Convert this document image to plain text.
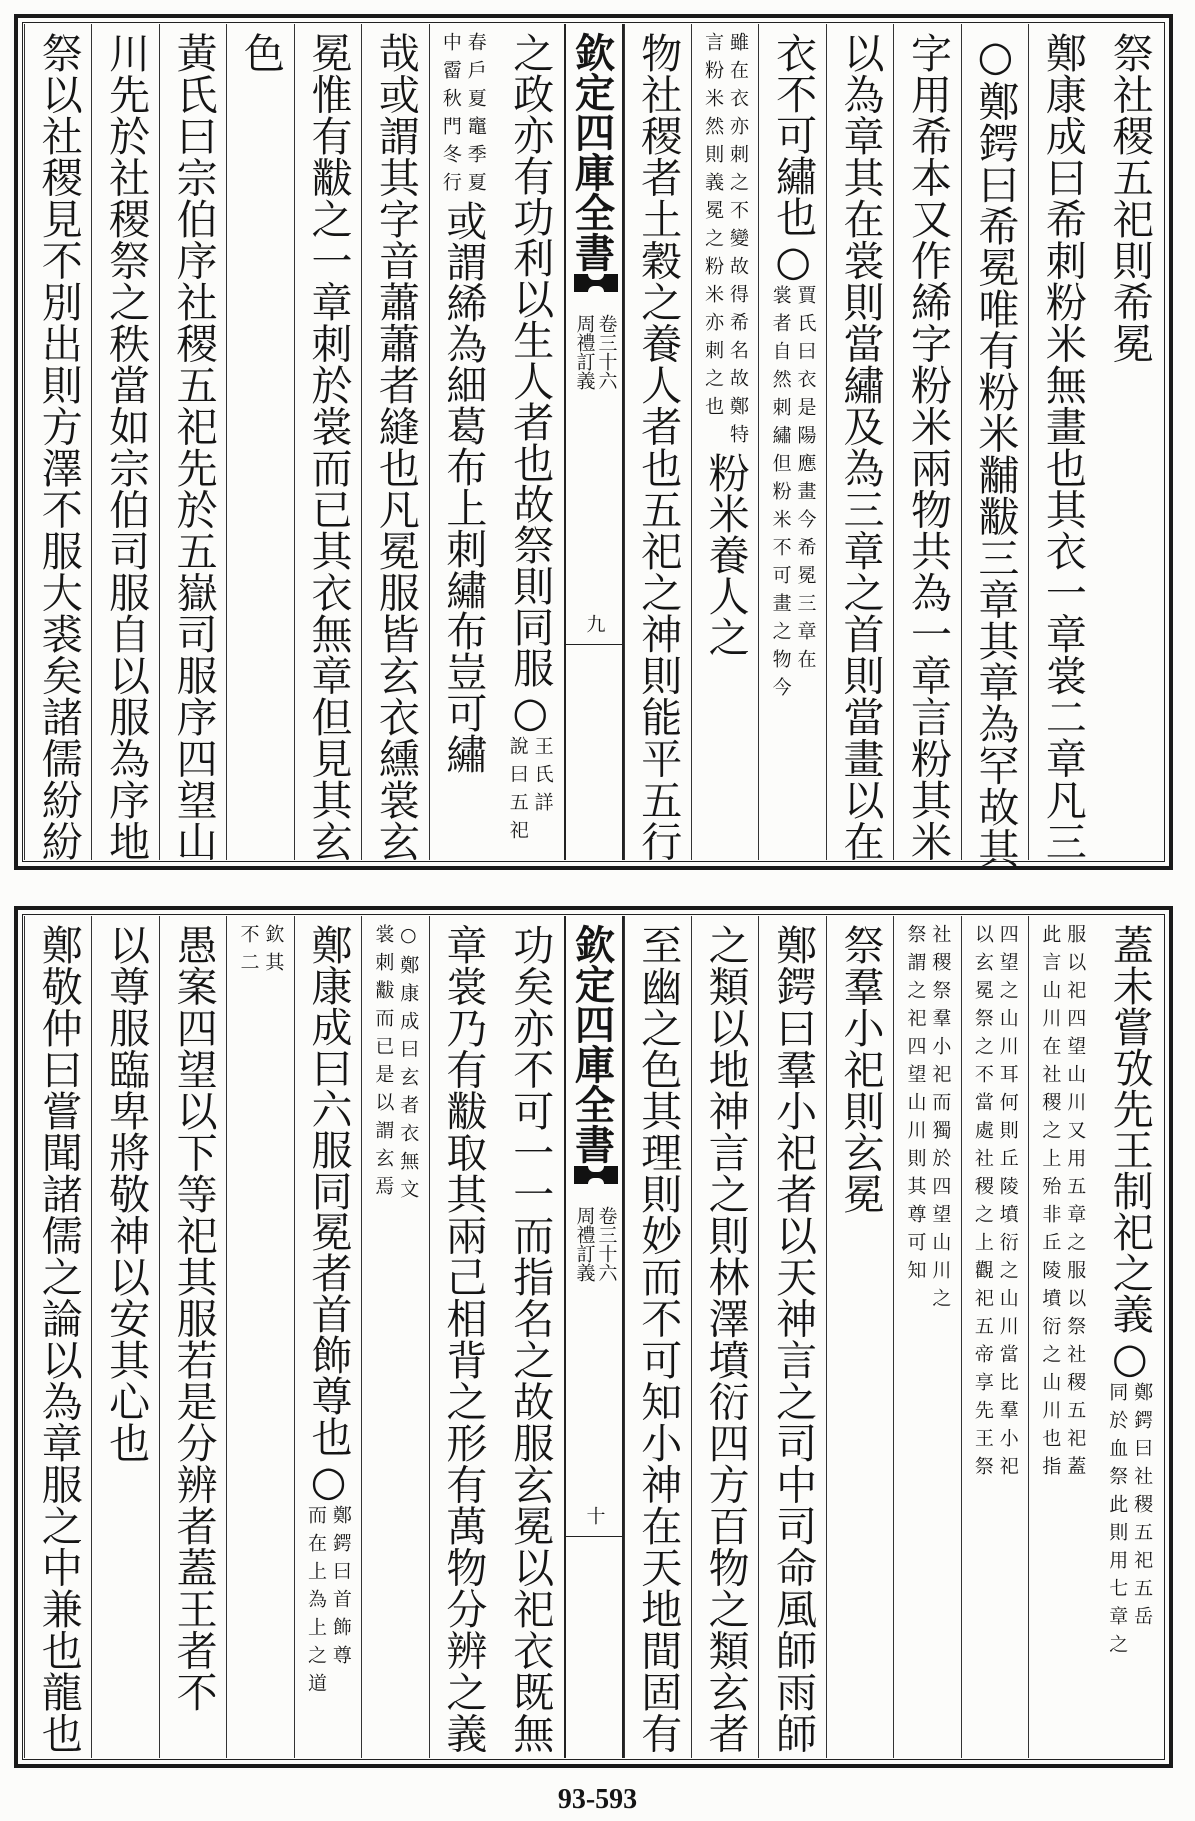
祭社稷五祀則希冕
鄭康成曰希刺粉米無畫也其衣一章裳二章凡三
○鄭鍔曰希冕唯有粉米黼黻三章其章為罕故其
字用希本又作絺字粉米兩物共為一章言粉其米
以為章其在裳則當繡及為三章之首則當畫以在
衣不可繡也○
賈氏曰衣是陽應畫今希冕三章在
裳者自然刺繡但粉米不可畫之物今
雖在衣亦刺之不變故得希名故鄭特
言粉米然則義冕之粉米亦刺之也
粉米養人之
物社稷者土穀之養人者也五祀之神則能平五行
欽定四庫全書
周禮訂義 卷三十六
九
之政亦有功利以生人者也故祭則同服○
王氏詳
說曰五祀
春戶夏竈季夏
中霤秋門冬行
或謂絺為細葛布上刺繡布豈可繡
哉或謂其字音蕭蕭者縫也凡冕服皆玄衣纁裳玄
冕惟有黻之一章刺於裳而已其衣無章但見其玄
色
黃氏曰宗伯序社稷五祀先於五嶽司服序四望山
川先於社稷祭之秩當如宗伯司服自以服為序地
祭以社稷見不別出則方澤不服大裘矣諸儒紛紛
蓋未嘗攷先王制祀之義○
鄭鍔曰社稷五祀五岳
同於血祭此則用七章之
服以祀四望山川又用五章之服以祭社稷五祀蓋
此言山川在社稷之上殆非丘陵墳衍之山川也指
四望之山川耳何則丘陵墳衍之山川當比羣小祀
以玄冕祭之不當處社稷之上觀祀五帝享先王祭
社稷祭羣小祀而獨於四望山川之
祭謂之祀四望山川則其尊可知
祭羣小祀則玄冕
鄭鍔曰羣小祀者以天神言之司中司命風師雨師
之類以地神言之則林澤墳衍四方百物之類玄者
至幽之色其理則妙而不可知小神在天地間固有
欽定四庫全書
周禮訂義 卷三十六
十
功矣亦不可一一而指名之故服玄冕以祀衣既無
章裳乃有黻取其兩己相背之形有萬物分辨之義
○鄭康成曰玄者衣無文
裳刺黻而已是以謂玄焉
鄭康成曰六服同冕者首飾尊也○
鄭鍔曰首飾尊
而在上為上之道
欽其
不二
愚案四望以下等祀其服若是分辨者蓋王者不
以尊服臨卑將敬神以安其心也
鄭敬仲曰嘗聞諸儒之論以為章服之中兼也龍也
93-593
